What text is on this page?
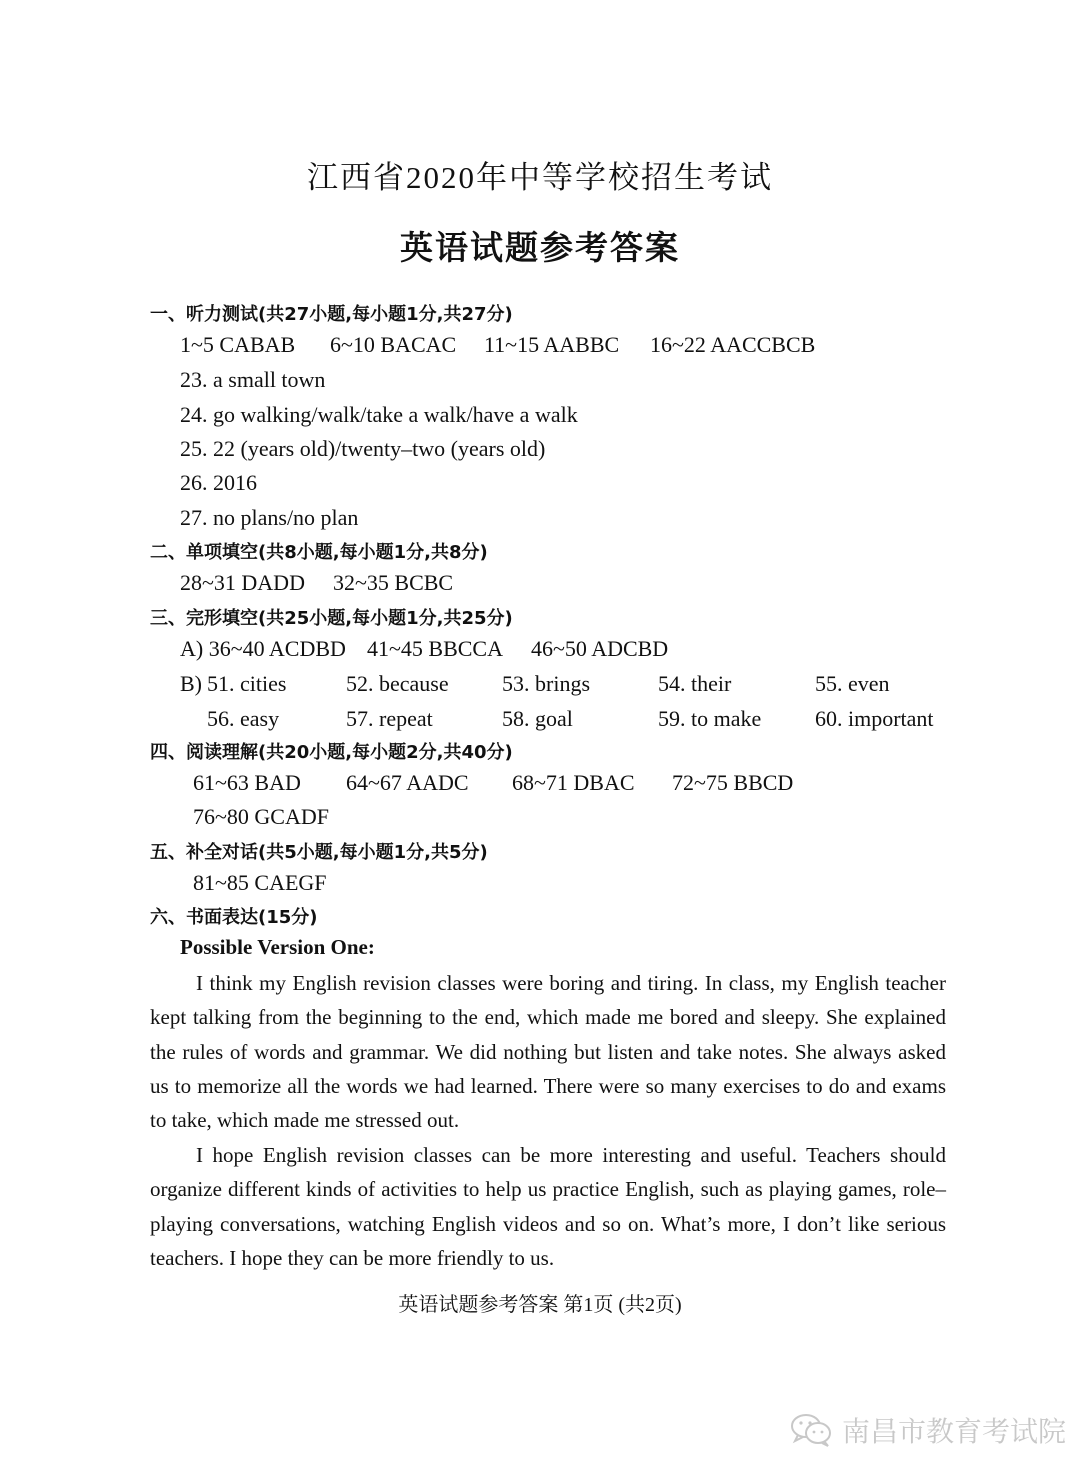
江西省2020年中等学校招生考试
英语试题参考答案
一、听力测试(共27小题,每小题1分,共27分)
1~5 CABAB 6~10 BACAC 11~15 AABBC 16~22 AACCBCB
23. a small town
24. go walking/walk/take a walk/have a walk
25. 22 (years old)/twenty–two (years old)
26. 2016
27. no plans/no plan
二、单项填空(共8小题,每小题1分,共8分)
28~31 DADD 32~35 BCBC
三、完形填空(共25小题,每小题1分,共25分)
A) 36~40 ACDBD 41~45 BBCCA 46~50 ADCBD
B) 51. cities	52. because 53. brings	54. their	55. even
56. easy	57. repeat	58. goal	59. to make 60. important
四、阅读理解(共20小题,每小题2分,共40分)
61~63 BAD 64~67 AADC 68~71 DBAC 72~75 BBCD
76~80 GCADF
五、补全对话(共5小题,每小题1分,共5分)
81~85 CAEGF
六、书面表达(15分)
Possible Version One:
I think my English revision classes were boring and tiring. In class, my English teacher kept talking from the beginning to the end, which made me bored and sleepy. She explained the rules of words and grammar. We did nothing but listen and take notes. She always asked us to memorize all the words we had learned. There were so many exercises to do and exams to take, which made me stressed out.
I hope English revision classes can be more interesting and useful. Teachers should organize different kinds of activities to help us practice English, such as playing games, role–playing conversations, watching English videos and so on. What’s more, I don’t like serious teachers. I hope they can be more friendly to us.
英语试题参考答案 第1页 (共2页)
南昌市教育考试院
